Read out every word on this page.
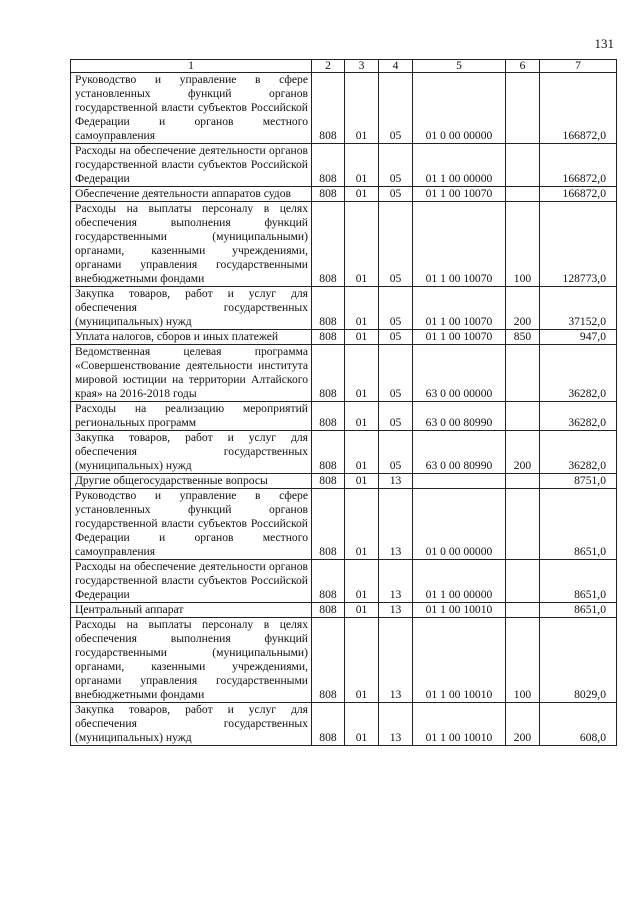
131
1	2	3	4	5	6	7
Руководство и управление в сфере установленных функций органов государственной власти субъектов Российской Федерации и органов местного самоуправления	808	01	05	01 0 00 00000		166872,0
Расходы на обеспечение деятельности органов государственной власти субъектов Российской Федерации	808	01	05	01 1 00 00000		166872,0
Обеспечение деятельности аппаратов судов	808	01	05	01 1 00 10070		166872,0
Расходы на выплаты персоналу в целях обеспечения выполнения функций государственными (муниципальными) органами, казенными учреждениями, органами управления государственными внебюджетными фондами	808	01	05	01 1 00 10070	100	128773,0
Закупка товаров, работ и услуг для обеспечения государственных (муниципальных) нужд	808	01	05	01 1 00 10070	200	37152,0
Уплата налогов, сборов и иных платежей	808	01	05	01 1 00 10070	850	947,0
Ведомственная целевая программа «Совершенствование деятельности института мировой юстиции на территории Алтайского края» на 2016-2018 годы	808	01	05	63 0 00 00000		36282,0
Расходы на реализацию мероприятий региональных программ	808	01	05	63 0 00 80990		36282,0
Закупка товаров, работ и услуг для обеспечения государственных (муниципальных) нужд	808	01	05	63 0 00 80990	200	36282,0
Другие общегосударственные вопросы	808	01	13			8751,0
Руководство и управление в сфере установленных функций органов государственной власти субъектов Российской Федерации и органов местного самоуправления	808	01	13	01 0 00 00000		8651,0
Расходы на обеспечение деятельности органов государственной власти субъектов Российской Федерации	808	01	13	01 1 00 00000		8651,0
Центральный аппарат	808	01	13	01 1 00 10010		8651,0
Расходы на выплаты персоналу в целях обеспечения выполнения функций государственными (муниципальными) органами, казенными учреждениями, органами управления государственными внебюджетными фондами	808	01	13	01 1 00 10010	100	8029,0
Закупка товаров, работ и услуг для обеспечения государственных (муниципальных) нужд	808	01	13	01 1 00 10010	200	608,0
